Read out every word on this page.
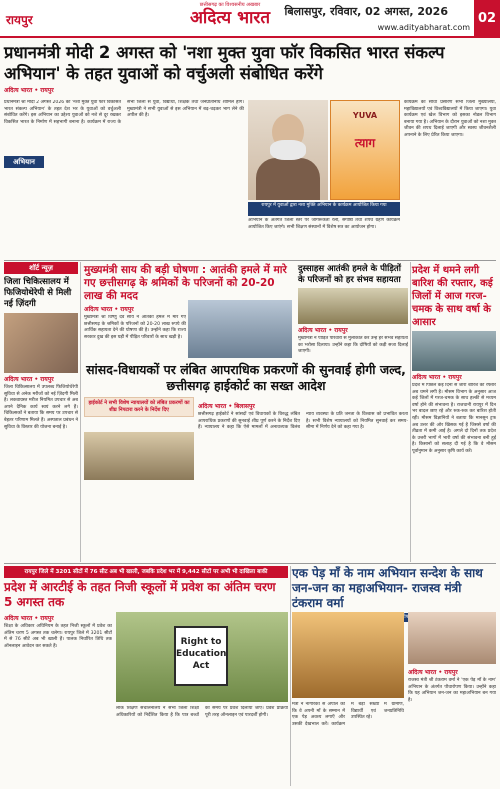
रायपुर
छत्तीसगढ़ का विश्वसनीय अखबार
अदित्य भारत	बिलासपुर, रविवार, 02 अगस्त, 2026
www.adityabharat.com
02
प्रधानमंत्री मोदी 2 अगस्त को 'नशा मुक्त युवा फॉर विकसित भारत संकल्प अभियान' के तहत युवाओं को वर्चुअली संबोधित करेंगे
अदित्य भारत • रायपुर
प्रधानमंत्री श्री मोदी 2 अगस्त 2026 को 'नशा मुक्त युवा फॉर विकसित भारत संकल्प अभियान' के तहत देश भर के युवाओं को वर्चुअली संबोधित करेंगे। इस अभियान का उद्देश्य युवाओं को नशे से दूर रखकर विकसित भारत के निर्माण में सहभागी बनाना है। कार्यक्रम में राज्य के सभी जिलों से युवा, विद्यार्थी, शिक्षक तथा जनप्रतिनिधि शामिल होंगे। मुख्यमंत्री ने सभी युवाओं से इस अभियान में बढ़-चढ़कर भाग लेने की अपील की है।
अभियान
YUVA
त्याग
रायपुर में युवाओं द्वारा नशा मुक्ति अभियान के कार्यक्रम आयोजित किया गया
अभियान के अंतर्गत जिला स्तर पर जागरूकता रैली, संगोष्ठी तथा शपथ ग्रहण कार्यक्रम आयोजित किए जाएंगे। सभी शिक्षण संस्थानों में विशेष सत्र का आयोजन होगा।
कार्यक्रम का सीधा प्रसारण सभी जिला मुख्यालयों, महाविद्यालयों एवं विश्वविद्यालयों में किया जाएगा। युवा कार्यक्रम एवं खेल विभाग को इसका नोडल विभाग बनाया गया है। अभियान के दौरान युवाओं को नशा मुक्त जीवन की शपथ दिलाई जाएगी और स्वस्थ जीवनशैली अपनाने के लिए प्रेरित किया जाएगा।
शॉर्ट न्यूज़
जिला चिकित्सालय में फिजियोथेरेपी से मिली नई ज़िंदगी
अदित्य भारत • रायपुर
जिला चिकित्सालय में उपलब्ध फिजियोथेरेपी सुविधा से अनेक मरीजों को नई ज़िंदगी मिली है। लकवाग्रस्त मरीज नियमित उपचार से अब अपने दैनिक कार्य स्वयं करने लगे हैं। चिकित्सकों ने बताया कि समय पर उपचार से बेहतर परिणाम मिलते हैं। अस्पताल प्रबंधन ने सुविधा के विस्तार की योजना बनाई है।
मुख्यमंत्री साय की बड़ी घोषणा : आतंकी हमले में मारे गए छत्तीसगढ़ के श्रमिकों के परिजनों को 20-20 लाख की मदद
अदित्य भारत • रायपुर
मुख्यमंत्री श्री विष्णु देव साय ने आतंकी हमले में मारे गए छत्तीसगढ़ के श्रमिकों के परिजनों को 20-20 लाख रुपये की आर्थिक सहायता देने की घोषणा की है। उन्होंने कहा कि राज्य सरकार दुख की इस घड़ी में पीड़ित परिवारों के साथ खड़ी है।
दुस्साहस आतंकी हमले के पीड़ितों के परिजनों को हर संभव सहायता
अदित्य भारत • रायपुर
मुख्यमंत्री ने पीड़ित परिवारों से मुलाकात कर उन्हें हर संभव सहायता का भरोसा दिलाया। उन्होंने कहा कि दोषियों को कड़ी सजा दिलाई जाएगी।
प्रदेश में थमने लगी बारिश की रफ्तार, कई जिलों में आज गरज-चमक के साथ वर्षा के आसार
अदित्य भारत • रायपुर
प्रदेश में पिछले कई दिनों से जारी बारिश की रफ्तार अब थमने लगी है। मौसम विभाग के अनुसार आज कई जिलों में गरज-चमक के साथ हल्की से मध्यम वर्षा होने की संभावना है। राजधानी रायपुर में दिन भर बादल छाए रहे और रुक-रुक कर बारिश होती रही। मौसम विज्ञानियों ने बताया कि मानसून ट्रफ अब उत्तर की ओर खिसक गई है जिससे वर्षा की तीव्रता में कमी आई है। अगले दो दिनों तक प्रदेश के उत्तरी भागों में भारी वर्षा की संभावना बनी हुई है। किसानों को सलाह दी गई है कि वे मौसम पूर्वानुमान के अनुसार कृषि कार्य करें।
सांसद-विधायकों पर लंबित आपराधिक प्रकरणों की सुनवाई होगी जल्द, छत्तीसगढ़ हाईकोर्ट का सख्त आदेश
हाईकोर्ट ने सभी विशेष न्यायालयों को लंबित प्रकरणों का शीघ्र निपटारा करने के निर्देश दिए	अदित्य भारत • बिलासपुर
छत्तीसगढ़ हाईकोर्ट ने सांसदों एवं विधायकों के विरुद्ध लंबित आपराधिक प्रकरणों की सुनवाई शीघ्र पूर्ण करने के निर्देश दिए हैं। न्यायालय ने कहा कि ऐसे मामलों में अनावश्यक विलंब न्याय व्यवस्था के प्रति जनता के विश्वास को प्रभावित करता है। सभी विशेष न्यायालयों को नियमित सुनवाई कर समय-सीमा में निर्णय देने को कहा गया है।
रायपुर जिले में 3201 सीटों में 76 सीट अब भी खाली, जबकि प्रदेश भर में 9,442 सीटों पर अभी भी दाखिला बाकी
प्रदेश में आरटीई के तहत निजी स्कूलों में प्रवेश का अंतिम चरण 5 अगस्त तक
अदित्य भारत • रायपुर
शिक्षा के अधिकार अधिनियम के तहत निजी स्कूलों में प्रवेश का अंतिम चरण 5 अगस्त तक चलेगा। रायपुर जिले में 3201 सीटों में से 76 सीटें अब भी खाली हैं। पालक निर्धारित तिथि तक ऑनलाइन आवेदन कर सकते हैं।	Right to Education Act
लोक शिक्षण संचालनालय ने सभी जिला शिक्षा अधिकारियों को निर्देशित किया है कि पात्र बच्चों को समय पर प्रवेश दिलाया जाए। प्रवेश प्रक्रिया पूरी तरह ऑनलाइन एवं पारदर्शी होगी।
एक पेड़ माँ के नाम अभियान सन्देश के साथ जन-जन का महाअभियान- राजस्व मंत्री टंकराम वर्मा
अदित्य भारत • रायपुर
राजस्व मंत्री श्री टंकराम वर्मा ने 'एक पेड़ माँ के नाम' अभियान के अंतर्गत पौधारोपण किया। उन्होंने कहा कि यह अभियान जन-जन का महाअभियान बन गया है।
मंत्री ने नागरिकों से अपील की कि वे अपनी माँ के सम्मान में एक पेड़ अवश्य लगाएँ और उसकी देखभाल करें। कार्यक्रम में बड़ी संख्या में ग्रामीण, विद्यार्थी एवं जनप्रतिनिधि उपस्थित रहे।
